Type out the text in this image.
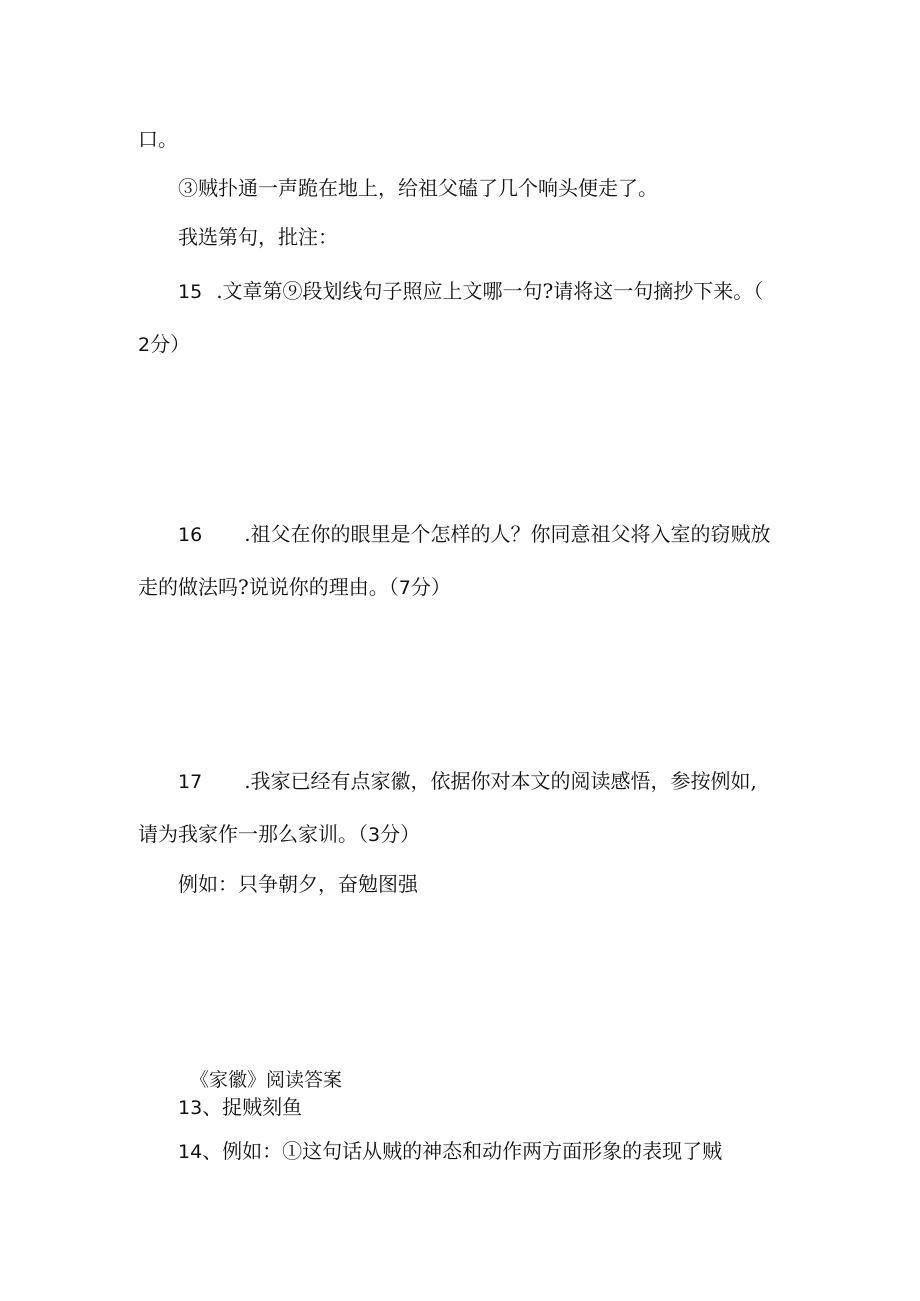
口。
③贼扑通一声跪在地上，给祖父磕了几个响头便走了。
我选第句，批注：
15 .文章第⑨段划线句子照应上文哪一句?请将这一句摘抄下来。（
2分）
16 .祖父在你的眼里是个怎样的人？你同意祖父将入室的窃贼放
走的做法吗?说说你的理由。（7分）
17 .我家已经有点家徽，依据你对本文的阅读感悟，参按例如,
请为我家作一那么家训。（3分）
例如：只争朝夕，奋勉图强
《家徽》阅读答案
13、捉贼刻鱼
14、例如：①这句话从贼的神态和动作两方面形象的表现了贼
